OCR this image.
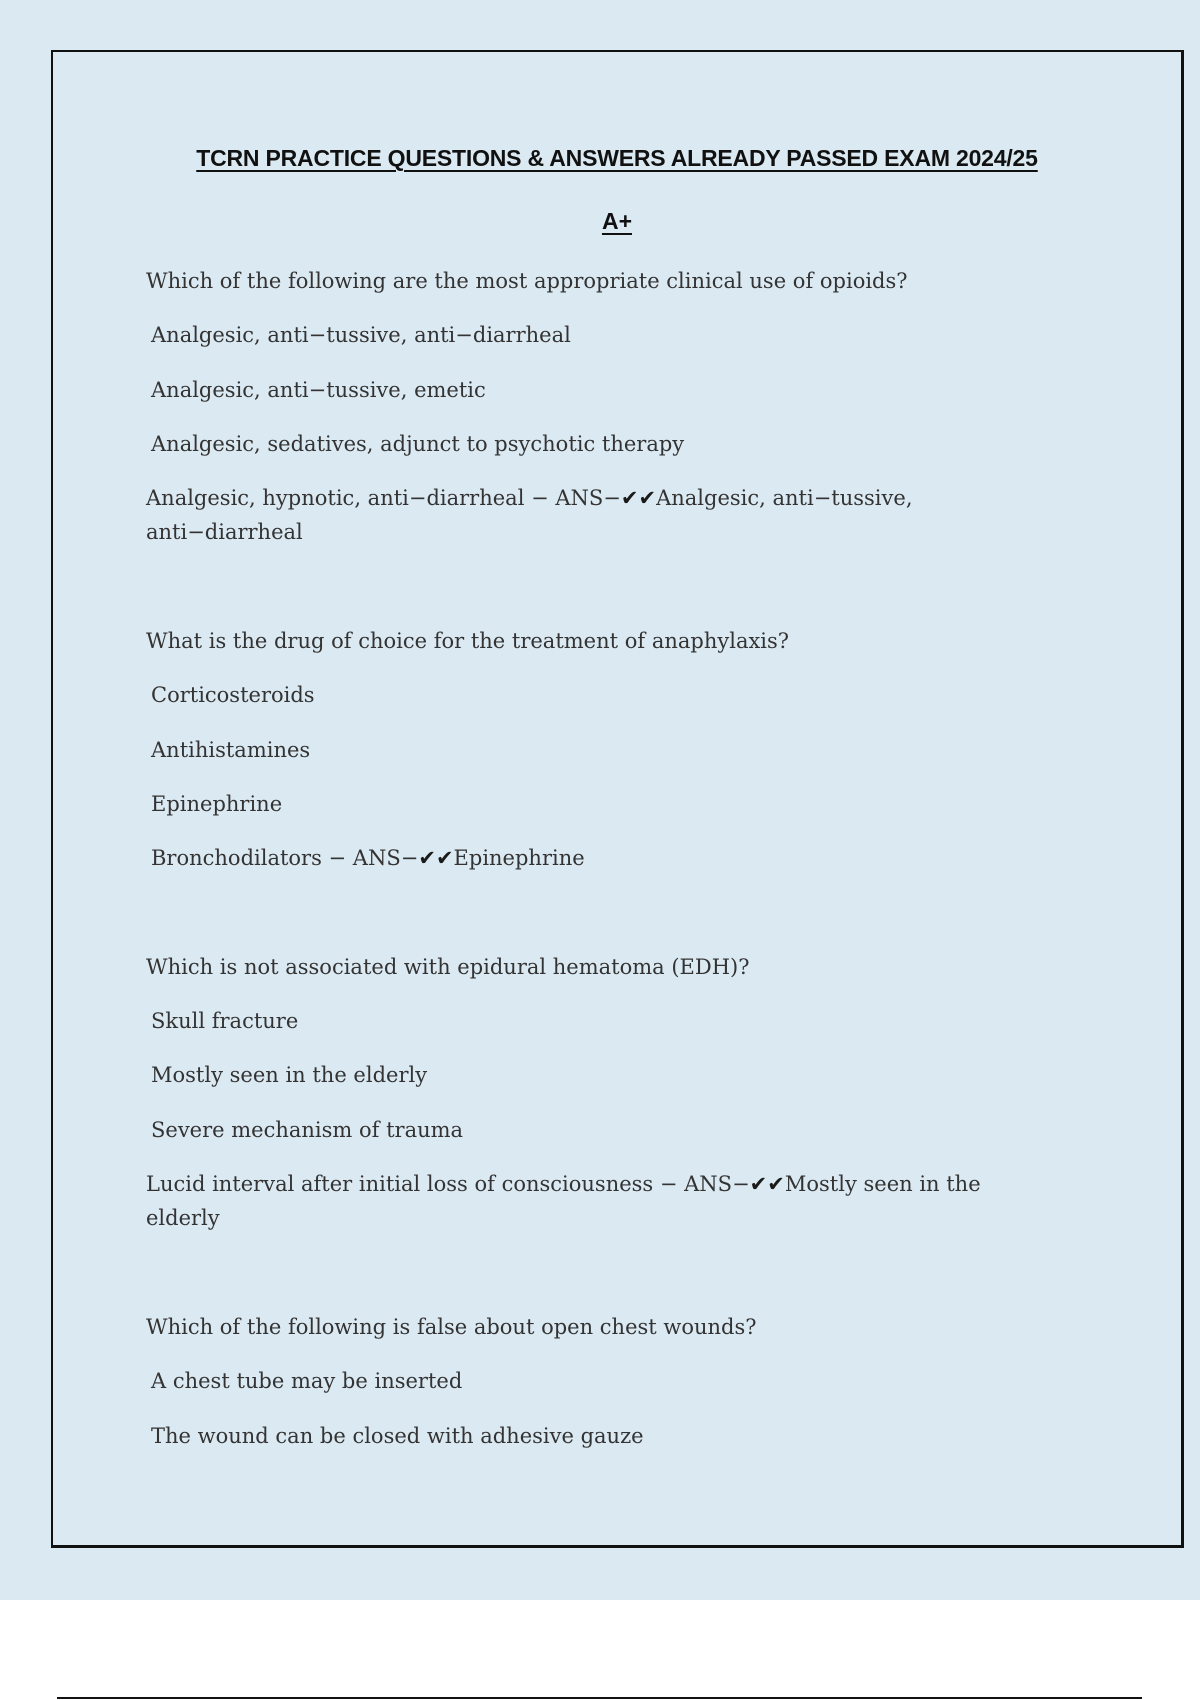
TCRN PRACTICE QUESTIONS & ANSWERS ALREADY PASSED EXAM 2024/25
A+
Which of the following are the most appropriate clinical use of opioids?
Analgesic, anti−tussive, anti−diarrheal
Analgesic, anti−tussive, emetic
Analgesic, sedatives, adjunct to psychotic therapy
Analgesic, hypnotic, anti−diarrheal − ANS−✔✔Analgesic, anti−tussive, anti−diarrheal
What is the drug of choice for the treatment of anaphylaxis?
Corticosteroids
Antihistamines
Epinephrine
Bronchodilators − ANS−✔✔Epinephrine
Which is not associated with epidural hematoma (EDH)?
Skull fracture
Mostly seen in the elderly
Severe mechanism of trauma
Lucid interval after initial loss of consciousness − ANS−✔✔Mostly seen in the elderly
Which of the following is false about open chest wounds?
A chest tube may be inserted
The wound can be closed with adhesive gauze
